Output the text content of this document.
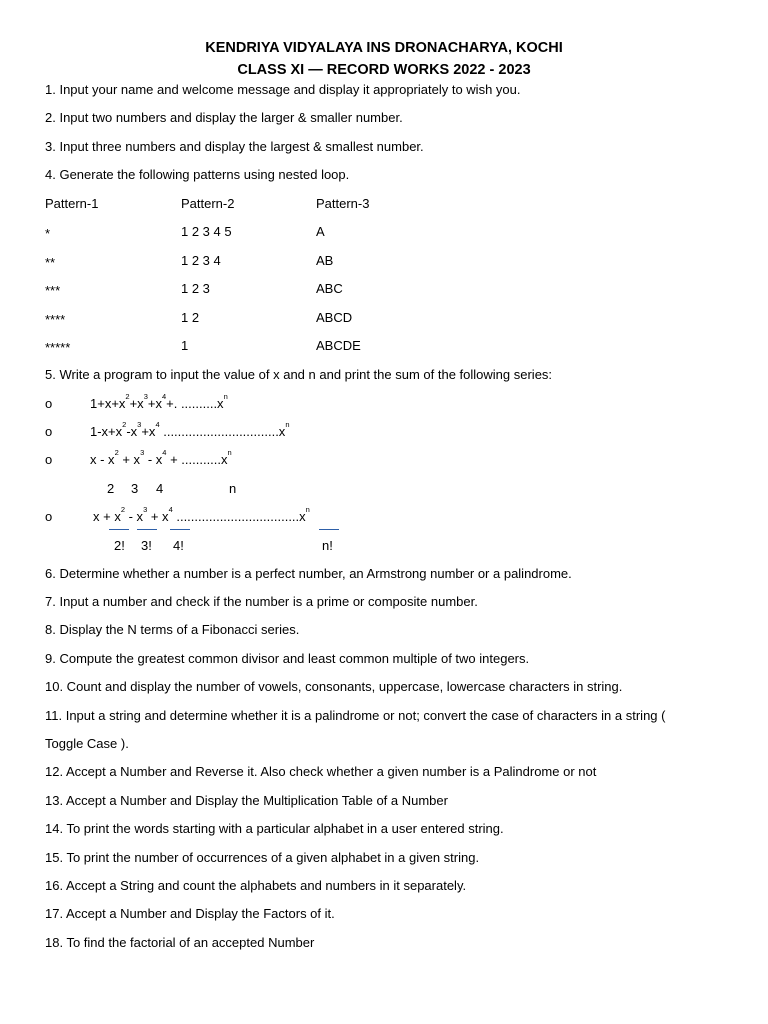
KENDRIYA VIDYALAYA INS DRONACHARYA, KOCHI
CLASS XI — RECORD WORKS 2022 - 2023
1. Input your name and welcome message and display it appropriately to wish you.
2. Input two numbers and display the larger & smaller number.
3. Input three numbers and display the largest & smallest number.
4. Generate the following patterns using nested loop.
Pattern-1	Pattern-2	Pattern-3
*	1 2 3 4 5	A
**	1 2 3 4	AB
***	1 2 3	ABC
****	1 2	ABCD
*****	1	ABCDE
5. Write a program to input the value of x and n and print the sum of the following series:
o	$1+x+x^2+x^3+x^4+$. $..........x^n$
o	$1-x+x^2-x^3+x^4$ $................................x^n$
o	$x - x^2 + x^3 - x^4 + ...........x^n$
2 3 4	n
o	$x + x^2 - x^3 + x^4$ $..................................x^n$
2! 3! 4!	n!
6. Determine whether a number is a perfect number, an Armstrong number or a palindrome.
7. Input a number and check if the number is a prime or composite number.
8. Display the N terms of a Fibonacci series.
9. Compute the greatest common divisor and least common multiple of two integers.
10. Count and display the number of vowels, consonants, uppercase, lowercase characters in string.
11. Input a string and determine whether it is a palindrome or not; convert the case of characters in a string (
Toggle Case ).
12. Accept a Number and Reverse it. Also check whether a given number is a Palindrome or not
13. Accept a Number and Display the Multiplication Table of a Number
14. To print the words starting with a particular alphabet in a user entered string.
15. To print the number of occurrences of a given alphabet in a given string.
16. Accept a String and count the alphabets and numbers in it separately.
17. Accept a Number and Display the Factors of it.
18. To find the factorial of an accepted Number
